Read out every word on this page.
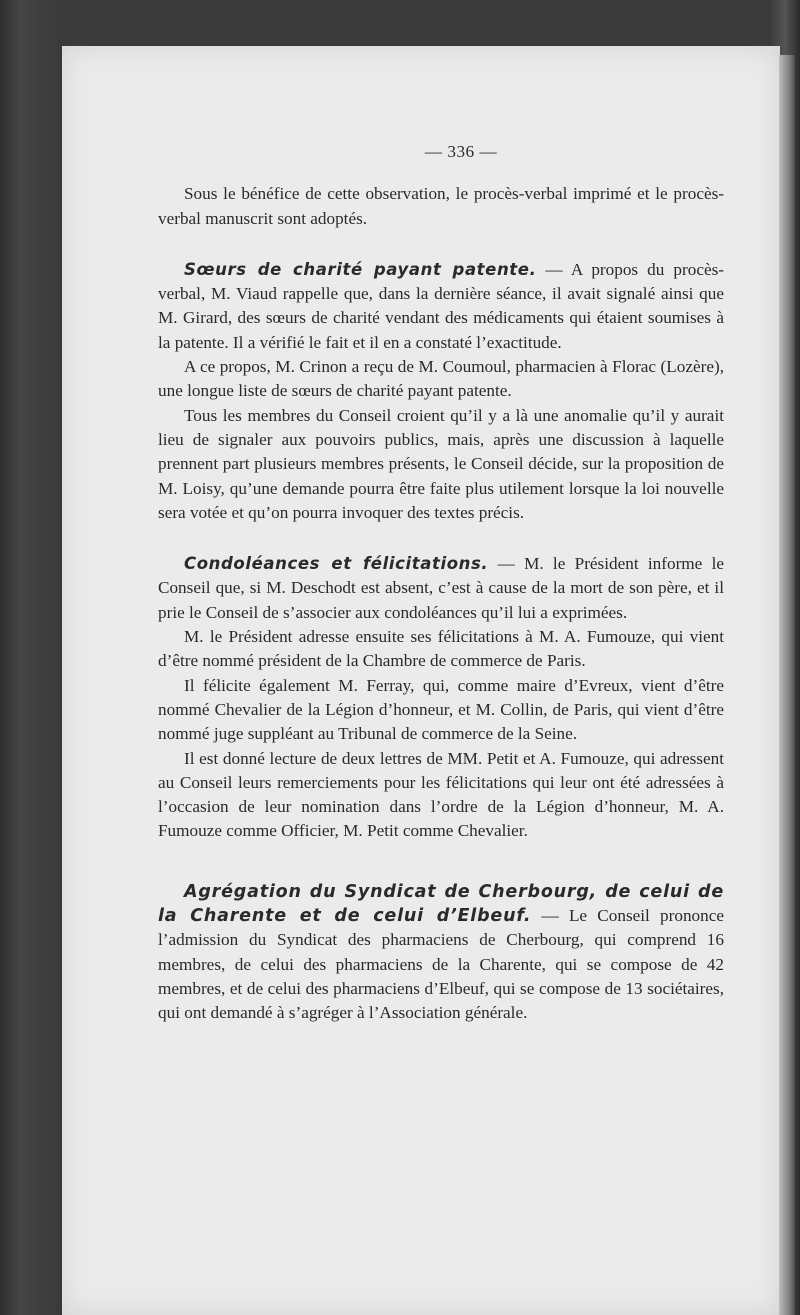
— 336 —

Sous le bénéfice de cette observation, le procès-verbal imprimé et le procès-verbal manuscrit sont adoptés.

Sœurs de charité payant patente. — A propos du procès-verbal, M. Viaud rappelle que, dans la dernière séance, il avait signalé ainsi que M. Girard, des sœurs de charité vendant des médicaments qui étaient soumises à la patente. Il a vérifié le fait et il en a constaté l’exactitude.

A ce propos, M. Crinon a reçu de M. Coumoul, pharmacien à Florac (Lozère), une longue liste de sœurs de charité payant patente.

Tous les membres du Conseil croient qu’il y a là une anomalie qu’il y aurait lieu de signaler aux pouvoirs publics, mais, après une discussion à laquelle prennent part plusieurs membres présents, le Conseil décide, sur la proposition de M. Loisy, qu’une demande pourra être faite plus utilement lorsque la loi nouvelle sera votée et qu’on pourra invoquer des textes précis.

Condoléances et félicitations. — M. le Président informe le Conseil que, si M. Deschodt est absent, c’est à cause de la mort de son père, et il prie le Conseil de s’associer aux condoléances qu’il lui a exprimées.

M. le Président adresse ensuite ses félicitations à M. A. Fumouze, qui vient d’être nommé président de la Chambre de commerce de Paris.

Il félicite également M. Ferray, qui, comme maire d’Evreux, vient d’être nommé Chevalier de la Légion d’honneur, et M. Collin, de Paris, qui vient d’être nommé juge suppléant au Tribunal de commerce de la Seine.

Il est donné lecture de deux lettres de MM. Petit et A. Fumouze, qui adressent au Conseil leurs remerciements pour les félicitations qui leur ont été adressées à l’occasion de leur nomination dans l’ordre de la Légion d’honneur, M. A. Fumouze comme Officier, M. Petit comme Chevalier.

Agrégation du Syndicat de Cherbourg, de celui de la Charente et de celui d’Elbeuf. — Le Conseil prononce l’admission du Syndicat des pharmaciens de Cherbourg, qui comprend 16 membres, de celui des pharmaciens de la Charente, qui se compose de 42 membres, et de celui des pharmaciens d’Elbeuf, qui se compose de 13 sociétaires, qui ont demandé à s’agréger à l’Association générale.
